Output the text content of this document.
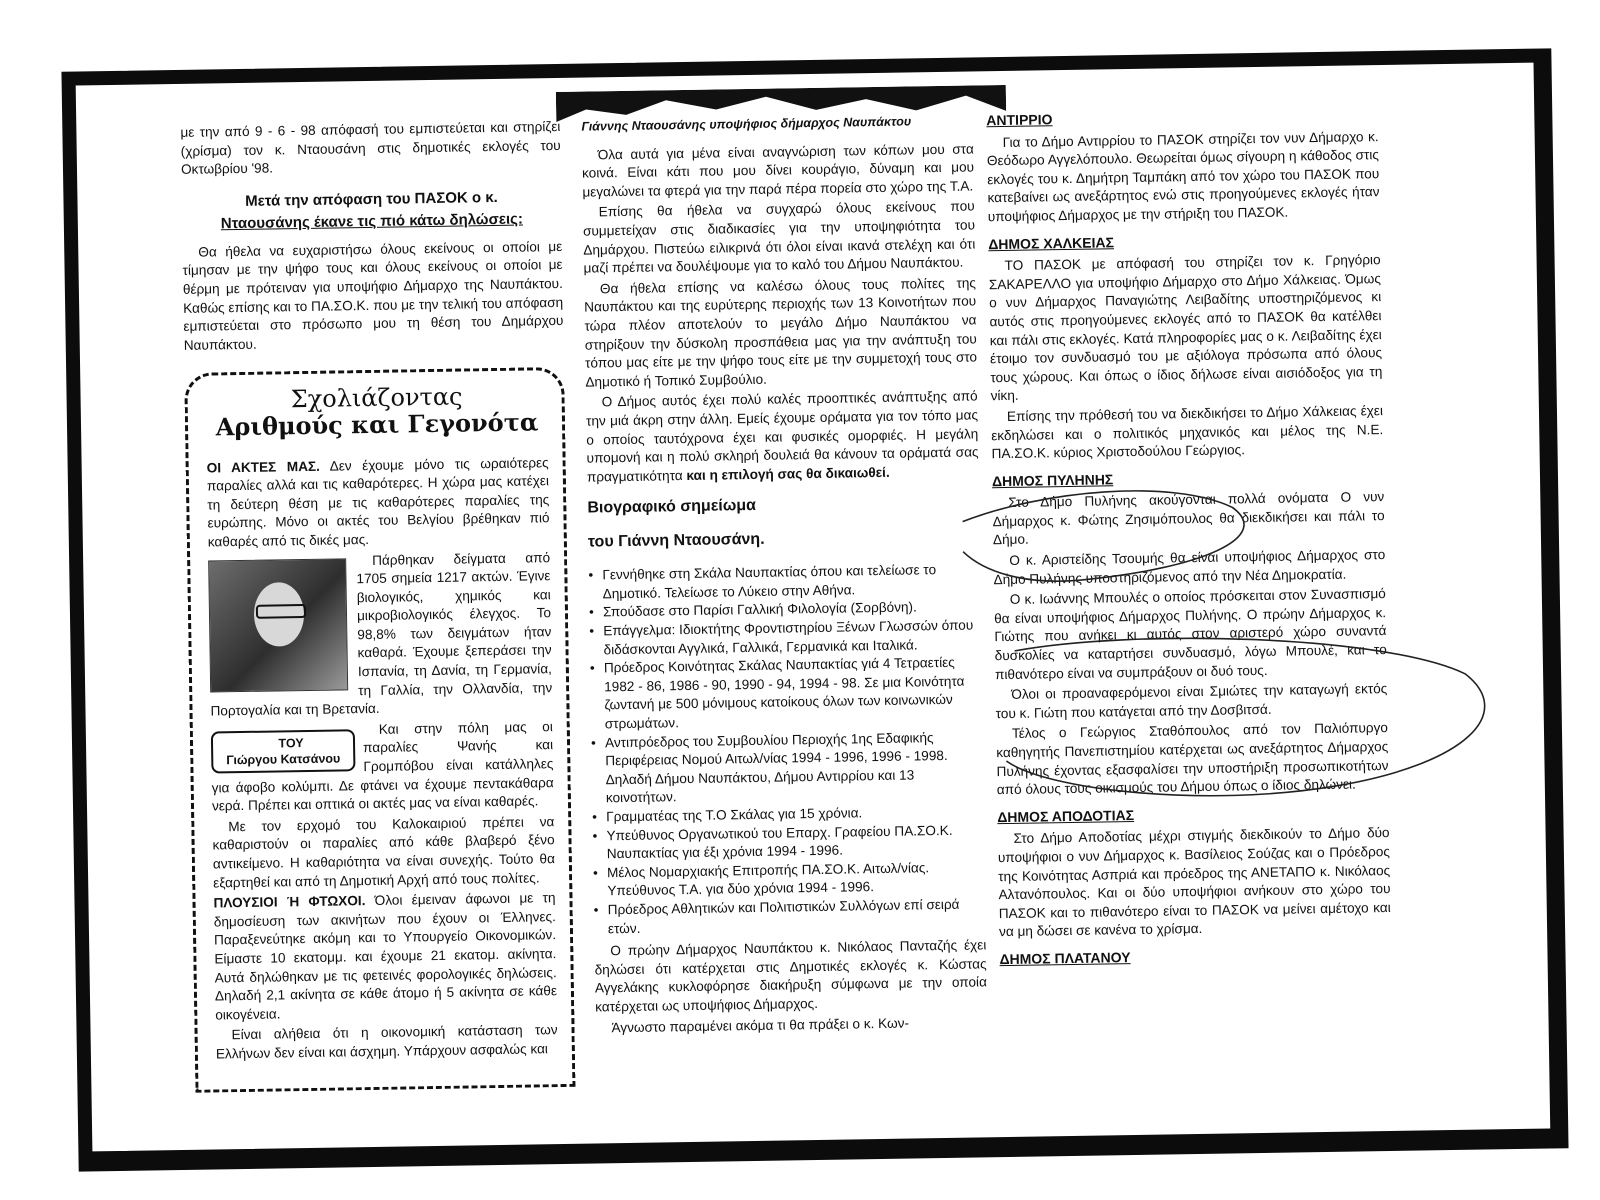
με την από 9 - 6 - 98 απόφασή του εμπιστεύεται και στηρίζει (χρίσμα) τον κ. Νταουσάνη στις δημοτικές εκλογές του Οκτωβρίου '98.

Μετά την απόφαση του ΠΑΣΟΚ ο κ.
Νταουσάνης έκανε τις πιό κάτω δηλώσεις:

Θα ήθελα να ευχαριστήσω όλους εκείνους οι οποίοι με τίμησαν με την ψήφο τους και όλους εκείνους οι οποίοι με θέρμη με πρότειναν για υποψήφιο Δήμαρχο της Ναυπάκτου. Καθώς επίσης και το ΠΑ.ΣΟ.Κ. που με την τελική του απόφαση εμπιστεύεται στο πρόσωπο μου τη θέση του Δημάρχου Ναυπάκτου.

Σχολιάζοντας
Αριθμούς και Γεγονότα

ΟΙ ΑΚΤΕΣ ΜΑΣ. Δεν έχουμε μόνο τις ωραιότερες παραλίες αλλά και τις καθαρότερες. Η χώρα μας κατέχει τη δεύτερη θέση με τις καθαρότερες παραλίες της ευρώπης. Μόνο οι ακτές του Βελγίου βρέθηκαν πιό καθαρές από τις δικές μας.

Πάρθηκαν δείγματα από 1705 σημεία 1217 ακτών. Έγινε βιολογικός, χημικός και μικροβιολογικός έλεγχος. Το 98,8% των δειγμάτων ήταν καθαρά. Έχουμε ξεπεράσει την Ισπανία, τη Δανία, τη Γερμανία, τη Γαλλία, την Ολλανδία, την Πορτογαλία και τη Βρετανία.

ΤΟΥ
Γιώργου Κατσάνου
Και στην πόλη μας οι παραλίες Ψανής και Γρομπόβου είναι κατάλληλες για άφοβο κολύμπι. Δε φτάνει να έχουμε πεντακάθαρα νερά. Πρέπει και οπτικά οι ακτές μας να είναι καθαρές.

Με τον ερχομό του Καλοκαιριού πρέπει να καθαριστούν οι παραλίες από κάθε βλαβερό ξένο αντικείμενο. Η καθαριότητα να είναι συνεχής. Τούτο θα εξαρτηθεί και από τη Δημοτική Αρχή από τους πολίτες.

ΠΛΟΥΣΙΟΙ Ή ΦΤΩΧΟΙ. Όλοι έμειναν άφωνοι με τη δημοσίευση των ακινήτων που έχουν οι Έλληνες. Παραξενεύτηκε ακόμη και το Υπουργείο Οικονομικών. Είμαστε 10 εκατομμ. και έχουμε 21 εκατομ. ακίνητα. Αυτά δηλώθηκαν με τις φετεινές φορολογικές δηλώσεις. Δηλαδή 2,1 ακίνητα σε κάθε άτομο ή 5 ακίνητα σε κάθε οικογένεια.

Είναι αλήθεια ότι η οικονομική κατάσταση των Ελλήνων δεν είναι και άσχημη. Υπάρχουν ασφαλώς και

Γιάννης Νταουσάνης υποψήφιος δήμαρχος Ναυπάκτου

Όλα αυτά για μένα είναι αναγνώριση των κόπων μου στα κοινά. Είναι κάτι που μου δίνει κουράγιο, δύναμη και μου μεγαλώνει τα φτερά για την παρά πέρα πορεία στο χώρο της Τ.Α.

Επίσης θα ήθελα να συγχαρώ όλους εκείνους που συμμετείχαν στις διαδικασίες για την υποψηφιότητα του Δημάρχου. Πιστεύω ειλικρινά ότι όλοι είναι ικανά στελέχη και ότι μαζί πρέπει να δουλέψουμε για το καλό του Δήμου Ναυπάκτου.

Θα ήθελα επίσης να καλέσω όλους τους πολίτες της Ναυπάκτου και της ευρύτερης περιοχής των 13 Κοινοτήτων που τώρα πλέον αποτελούν το μεγάλο Δήμο Ναυπάκτου να στηρίξουν την δύσκολη προσπάθεια μας για την ανάπτυξη του τόπου μας είτε με την ψήφο τους είτε με την συμμετοχή τους στο Δημοτικό ή Τοπικό Συμβούλιο.

Ο Δήμος αυτός έχει πολύ καλές προοπτικές ανάπτυξης από την μιά άκρη στην άλλη. Εμείς έχουμε οράματα για τον τόπο μας ο οποίος ταυτόχρονα έχει και φυσικές ομορφιές. Η μεγάλη υπομονή και η πολύ σκληρή δουλειά θα κάνουν τα οράματά σας πραγματικότητα και η επιλογή σας θα δικαιωθεί.

Βιογραφικό σημείωμα
του Γιάννη Νταουσάνη.
• Γεννήθηκε στη Σκάλα Ναυπακτίας όπου και τελείωσε το Δημοτικό. Τελείωσε το Λύκειο στην Αθήνα.
• Σπούδασε στο Παρίσι Γαλλική Φιλολογία (Σορβόνη).
• Επάγγελμα: Ιδιοκτήτης Φροντιστηρίου Ξένων Γλωσσών όπου διδάσκονται Αγγλικά, Γαλλικά, Γερμανικά και Ιταλικά.
• Πρόεδρος Κοινότητας Σκάλας Ναυπακτίας γιά 4 Τετραετίες 1982 - 86, 1986 - 90, 1990 - 94, 1994 - 98. Σε μια Κοινότητα ζωντανή με 500 μόνιμους κατοίκους όλων των κοινωνικών στρωμάτων.
• Αντιπρόεδρος του Συμβουλίου Περιοχής 1ης Εδαφικής Περιφέρειας Νομού Αιτωλ/νίας 1994 - 1996, 1996 - 1998. Δηλαδή Δήμου Ναυπάκτου, Δήμου Αντιρρίου και 13 κοινοτήτων.
• Γραμματέας της Τ.Ο Σκάλας για 15 χρόνια.
• Υπεύθυνος Οργανωτικού του Επαρχ. Γραφείου ΠΑ.ΣΟ.Κ. Ναυπακτίας για έξι χρόνια 1994 - 1996.
• Μέλος Νομαρχιακής Επιτροπής ΠΑ.ΣΟ.Κ. Αιτωλ/νίας. Υπεύθυνος Τ.Α. για δύο χρόνια 1994 - 1996.
• Πρόεδρος Αθλητικών και Πολιτιστικών Συλλόγων επί σειρά ετών.

Ο πρώην Δήμαρχος Ναυπάκτου κ. Νικόλαος Πανταζής έχει δηλώσει ότι κατέρχεται στις Δημοτικές εκλογές κ. Κώστας Αγγελάκης κυκλοφόρησε διακήρυξη σύμφωνα με την οποία κατέρχεται ως υποψήφιος Δήμαρχος.

Άγνωστο παραμένει ακόμα τι θα πράξει ο κ. Κων-

ΑΝΤΙΡΡΙΟ

Για το Δήμο Αντιρρίου το ΠΑΣΟΚ στηρίζει τον νυν Δήμαρχο κ. Θεόδωρο Αγγελόπουλο. Θεωρείται όμως σίγουρη η κάθοδος στις εκλογές του κ. Δημήτρη Ταμπάκη από τον χώρο του ΠΑΣΟΚ που κατεβαίνει ως ανεξάρτητος ενώ στις προηγούμενες εκλογές ήταν υποψήφιος Δήμαρχος με την στήριξη του ΠΑΣΟΚ.

ΔΗΜΟΣ ΧΑΛΚΕΙΑΣ

ΤΟ ΠΑΣΟΚ με απόφασή του στηρίζει τον κ. Γρηγόριο ΣΑΚΑΡΕΛΛΟ για υποψήφιο Δήμαρχο στο Δήμο Χάλκειας. Όμως ο νυν Δήμαρχος Παναγιώτης Λειβαδίτης υποστηριζόμενος κι αυτός στις προηγούμενες εκλογές από το ΠΑΣΟΚ θα κατέλθει και πάλι στις εκλογές. Κατά πληροφορίες μας ο κ. Λειβαδίτης έχει έτοιμο τον συνδυασμό του με αξιόλογα πρόσωπα από όλους τους χώρους. Και όπως ο ίδιος δήλωσε είναι αισιόδοξος για τη νίκη.

Επίσης την πρόθεσή του να διεκδικήσει το Δήμο Χάλκειας έχει εκδηλώσει και ο πολιτικός μηχανικός και μέλος της Ν.Ε. ΠΑ.ΣΟ.Κ. κύριος Χριστοδούλου Γεώργιος.

ΔΗΜΟΣ ΠΥΛΗΝΗΣ

Στο Δήμο Πυλήνης ακούγονται πολλά ονόματα Ο νυν Δήμαρχος κ. Φώτης Ζησιμόπουλος θα διεκδικήσει και πάλι το Δήμο.

Ο κ. Αριστείδης Τσουμής θα είναι υποψήφιος Δήμαρχος στο Δήμο Πυλήνης υποστηριζόμενος από την Νέα Δημοκρατία.

Ο κ. Ιωάννης Μπουλές ο οποίος πρόσκειται στον Συνασπισμό θα είναι υποψήφιος Δήμαρχος Πυλήνης. Ο πρώην Δήμαρχος κ. Γιώτης που ανήκει κι αυτός στον αριστερό χώρο συναντά δυσκολίες να καταρτήσει συνδυασμό, λόγω Μπουλέ, και το πιθανότερο είναι να συμπράξουν οι δυό τους.

Όλοι οι προαναφερόμενοι είναι Σμιώτες την καταγωγή εκτός του κ. Γιώτη που κατάγεται από την Δοσβιτσά.

Τέλος ο Γεώργιος Σταθόπουλος από τον Παλιόπυργο καθηγητής Πανεπιστημίου κατέρχεται ως ανεξάρτητος Δήμαρχος Πυλήνης έχοντας εξασφαλίσει την υποστήριξη προσωπικοτήτων από όλους τους οικισμούς του Δήμου όπως ο ίδιος δηλώνει.

ΔΗΜΟΣ ΑΠΟΔΟΤΙΑΣ

Στο Δήμο Αποδοτίας μέχρι στιγμής διεκδικούν το Δήμο δύο υποψήφιοι ο νυν Δήμαρχος κ. Βασίλειος Σούζας και ο Πρόεδρος της Κοινότητας Ασπριά και πρόεδρος της ΑΝΕΤΑΠΟ κ. Νικόλαος Αλτανόπουλος. Και οι δύο υποψήφιοι ανήκουν στο χώρο του ΠΑΣΟΚ και το πιθανότερο είναι το ΠΑΣΟΚ να μείνει αμέτοχο και να μη δώσει σε κανένα το χρίσμα.

ΔΗΜΟΣ ΠΛΑΤΑΝΟΥ
